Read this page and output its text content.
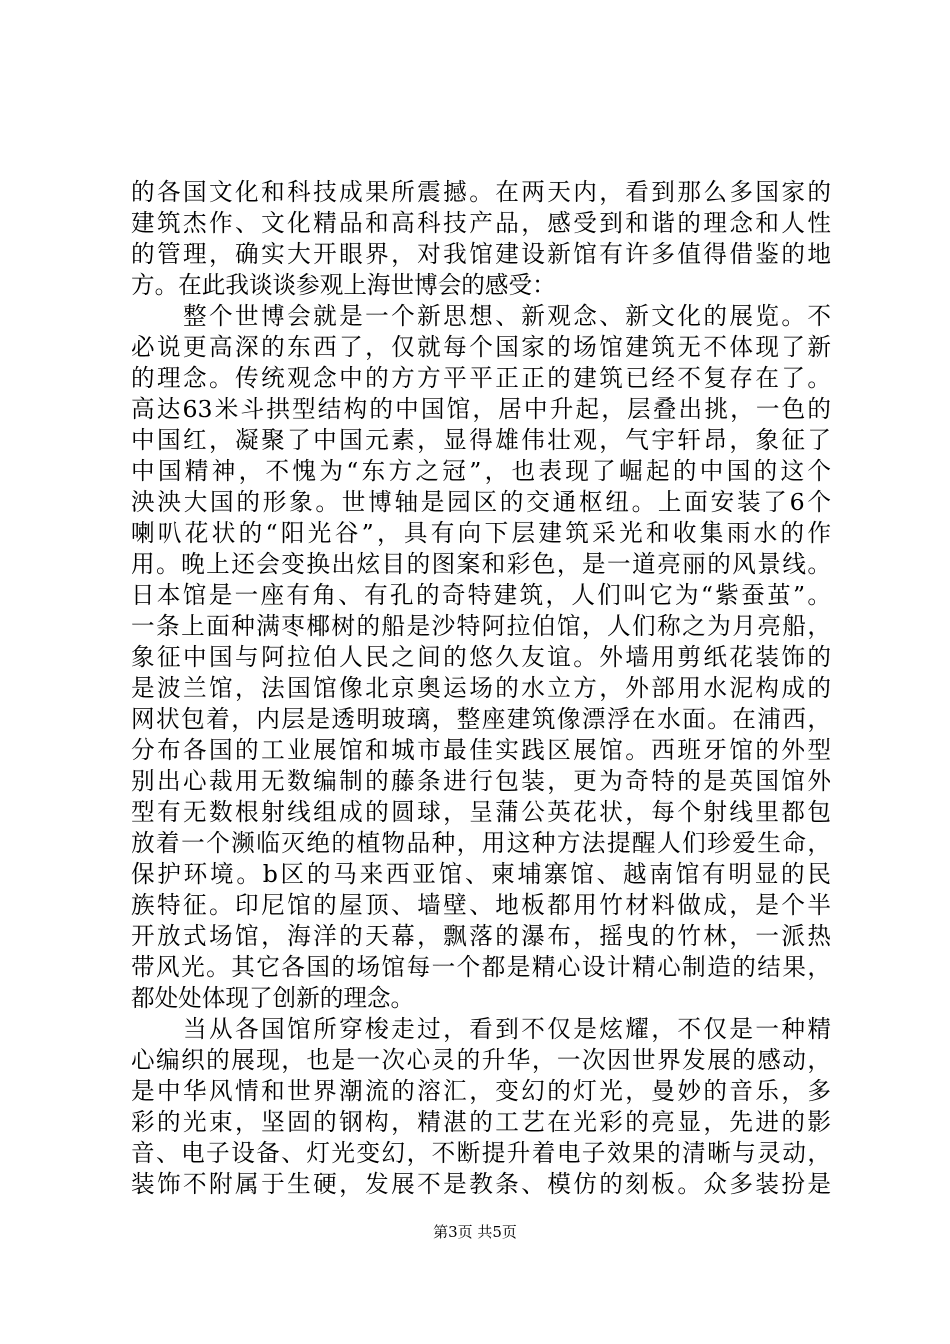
的各国文化和科技成果所震撼。在两天内，看到那么多国家的
建筑杰作、文化精品和高科技产品，感受到和谐的理念和人性
的管理，确实大开眼界，对我馆建设新馆有许多值得借鉴的地
方。在此我谈谈参观上海世博会的感受：
整个世博会就是一个新思想、新观念、新文化的展览。不
必说更高深的东西了，仅就每个国家的场馆建筑无不体现了新
的理念。传统观念中的方方平平正正的建筑已经不复存在了。
高达63米斗拱型结构的中国馆，居中升起，层叠出挑，一色的
中国红，凝聚了中国元素，显得雄伟壮观，气宇轩昂，象征了
中国精神，不愧为“东方之冠”，也表现了崛起的中国的这个
泱泱大国的形象。世博轴是园区的交通枢纽。上面安装了6个
喇叭花状的“阳光谷”，具有向下层建筑采光和收集雨水的作
用。晚上还会变换出炫目的图案和彩色，是一道亮丽的风景线。
日本馆是一座有角、有孔的奇特建筑，人们叫它为“紫蚕茧”。
一条上面种满枣椰树的船是沙特阿拉伯馆，人们称之为月亮船，
象征中国与阿拉伯人民之间的悠久友谊。外墙用剪纸花装饰的
是波兰馆，法国馆像北京奥运场的水立方，外部用水泥构成的
网状包着，内层是透明玻璃，整座建筑像漂浮在水面。在浦西，
分布各国的工业展馆和城市最佳实践区展馆。西班牙馆的外型
别出心裁用无数编制的藤条进行包装，更为奇特的是英国馆外
型有无数根射线组成的圆球，呈蒲公英花状，每个射线里都包
放着一个濒临灭绝的植物品种，用这种方法提醒人们珍爱生命，
保护环境。b区的马来西亚馆、柬埔寨馆、越南馆有明显的民
族特征。印尼馆的屋顶、墙壁、地板都用竹材料做成，是个半
开放式场馆，海洋的天幕，飘落的瀑布，摇曳的竹林，一派热
带风光。其它各国的场馆每一个都是精心设计精心制造的结果，
都处处体现了创新的理念。
当从各国馆所穿梭走过，看到不仅是炫耀，不仅是一种精
心编织的展现，也是一次心灵的升华，一次因世界发展的感动，
是中华风情和世界潮流的溶汇，变幻的灯光，曼妙的音乐，多
彩的光束，坚固的钢构，精湛的工艺在光彩的亮显，先进的影
音、电子设备、灯光变幻，不断提升着电子效果的清晰与灵动，
装饰不附属于生硬，发展不是教条、模仿的刻板。众多装扮是
第3页 共5页
